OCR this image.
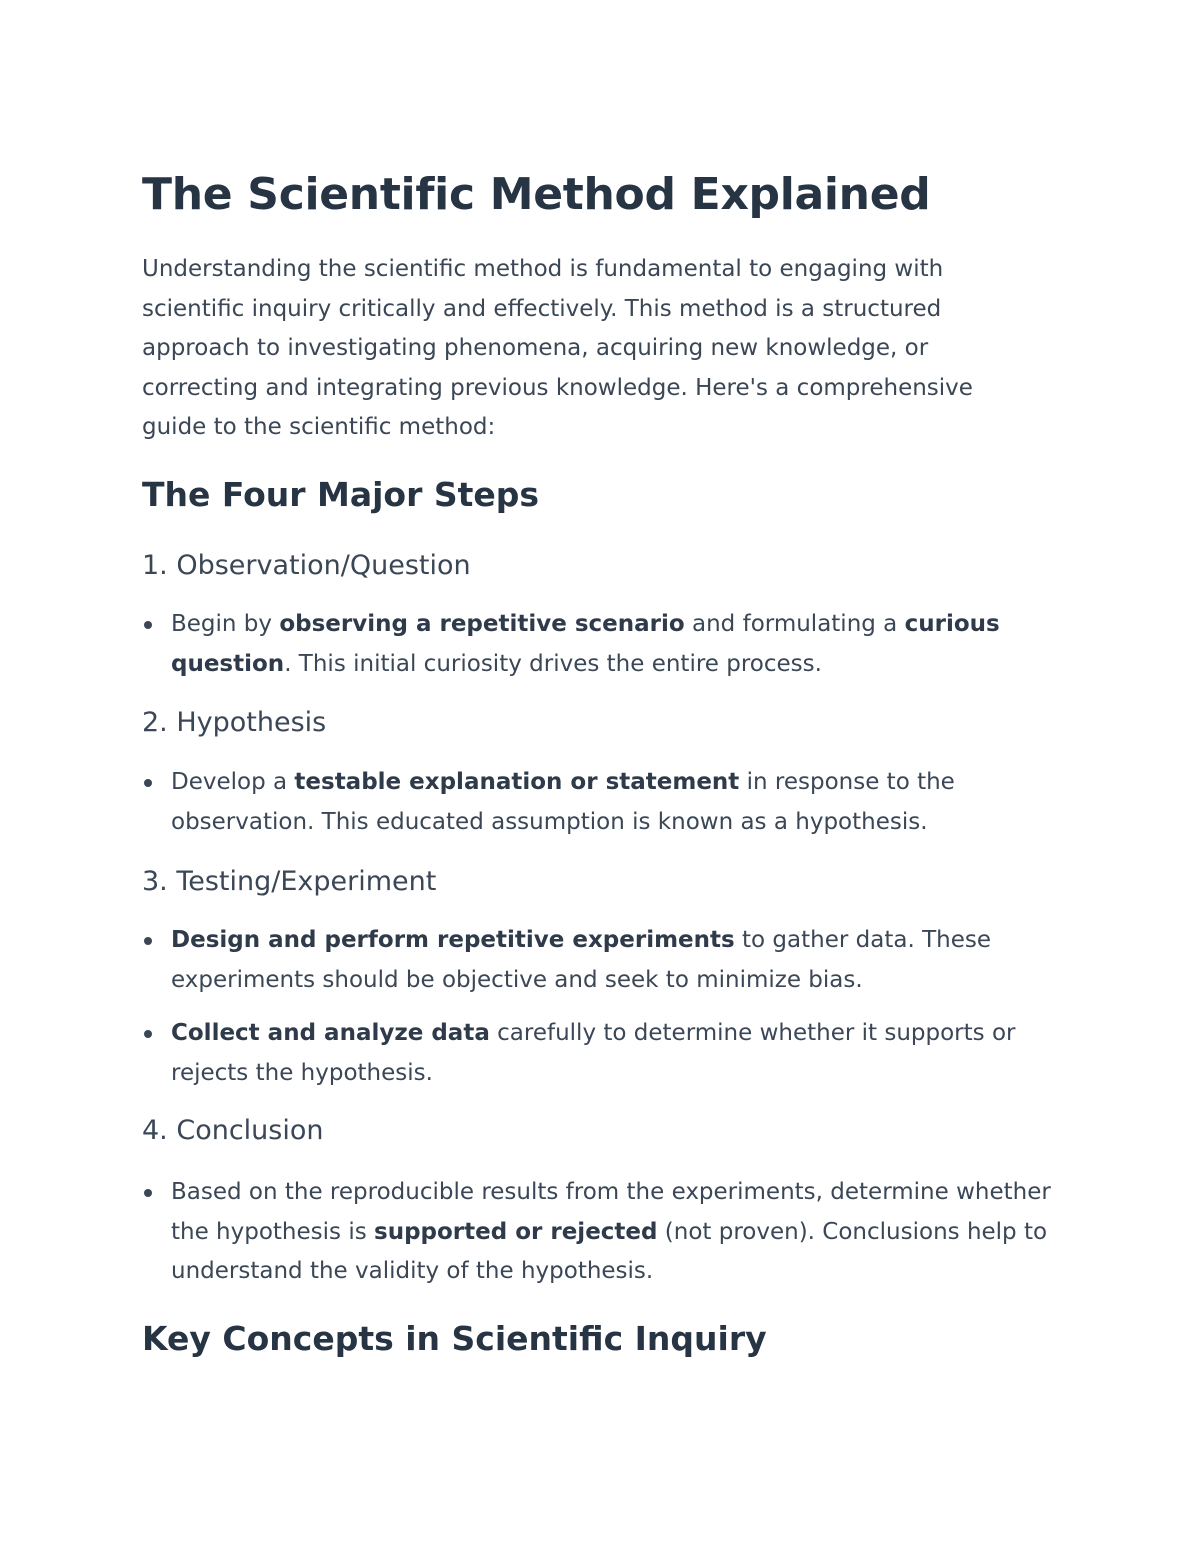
The Scientific Method Explained

Understanding the scientific method is fundamental to engaging with scientific inquiry critically and effectively. This method is a structured approach to investigating phenomena, acquiring new knowledge, or correcting and integrating previous knowledge. Here's a comprehensive guide to the scientific method:

The Four Major Steps
1. Observation/Question

Begin by observing a repetitive scenario and formulating a curious question. This initial curiosity drives the entire process.

2. Hypothesis

Develop a testable explanation or statement in response to the observation. This educated assumption is known as a hypothesis.

3. Testing/Experiment

Design and perform repetitive experiments to gather data. These experiments should be objective and seek to minimize bias.

Collect and analyze data carefully to determine whether it supports or rejects the hypothesis.

4. Conclusion

Based on the reproducible results from the experiments, determine whether the hypothesis is supported or rejected (not proven). Conclusions help to understand the validity of the hypothesis.

Key Concepts in Scientific Inquiry
